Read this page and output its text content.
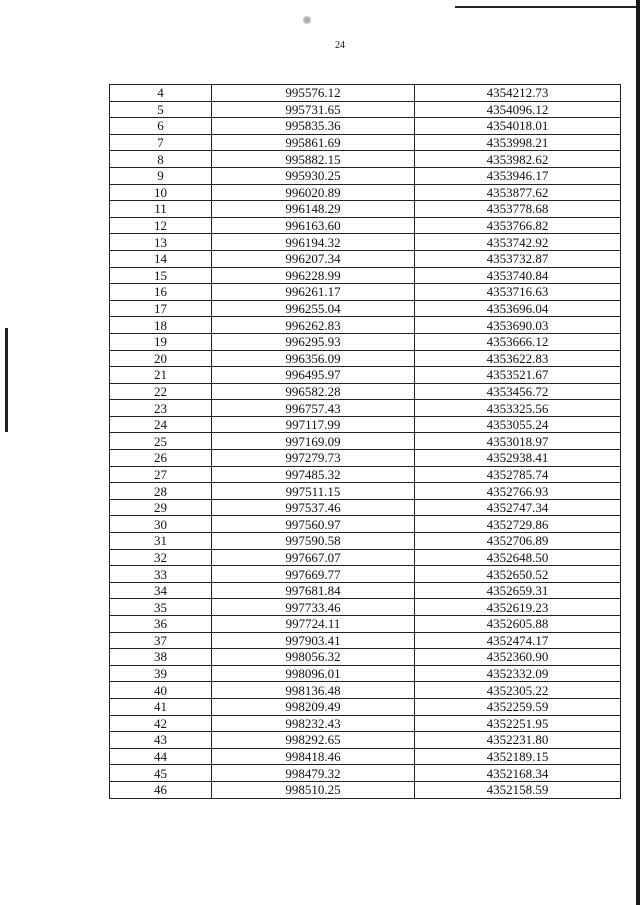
24
4	995576.12	4354212.73
5	995731.65	4354096.12
6	995835.36	4354018.01
7	995861.69	4353998.21
8	995882.15	4353982.62
9	995930.25	4353946.17
10	996020.89	4353877.62
11	996148.29	4353778.68
12	996163.60	4353766.82
13	996194.32	4353742.92
14	996207.34	4353732.87
15	996228.99	4353740.84
16	996261.17	4353716.63
17	996255.04	4353696.04
18	996262.83	4353690.03
19	996295.93	4353666.12
20	996356.09	4353622.83
21	996495.97	4353521.67
22	996582.28	4353456.72
23	996757.43	4353325.56
24	997117.99	4353055.24
25	997169.09	4353018.97
26	997279.73	4352938.41
27	997485.32	4352785.74
28	997511.15	4352766.93
29	997537.46	4352747.34
30	997560.97	4352729.86
31	997590.58	4352706.89
32	997667.07	4352648.50
33	997669.77	4352650.52
34	997681.84	4352659.31
35	997733.46	4352619.23
36	997724.11	4352605.88
37	997903.41	4352474.17
38	998056.32	4352360.90
39	998096.01	4352332.09
40	998136.48	4352305.22
41	998209.49	4352259.59
42	998232.43	4352251.95
43	998292.65	4352231.80
44	998418.46	4352189.15
45	998479.32	4352168.34
46	998510.25	4352158.59
